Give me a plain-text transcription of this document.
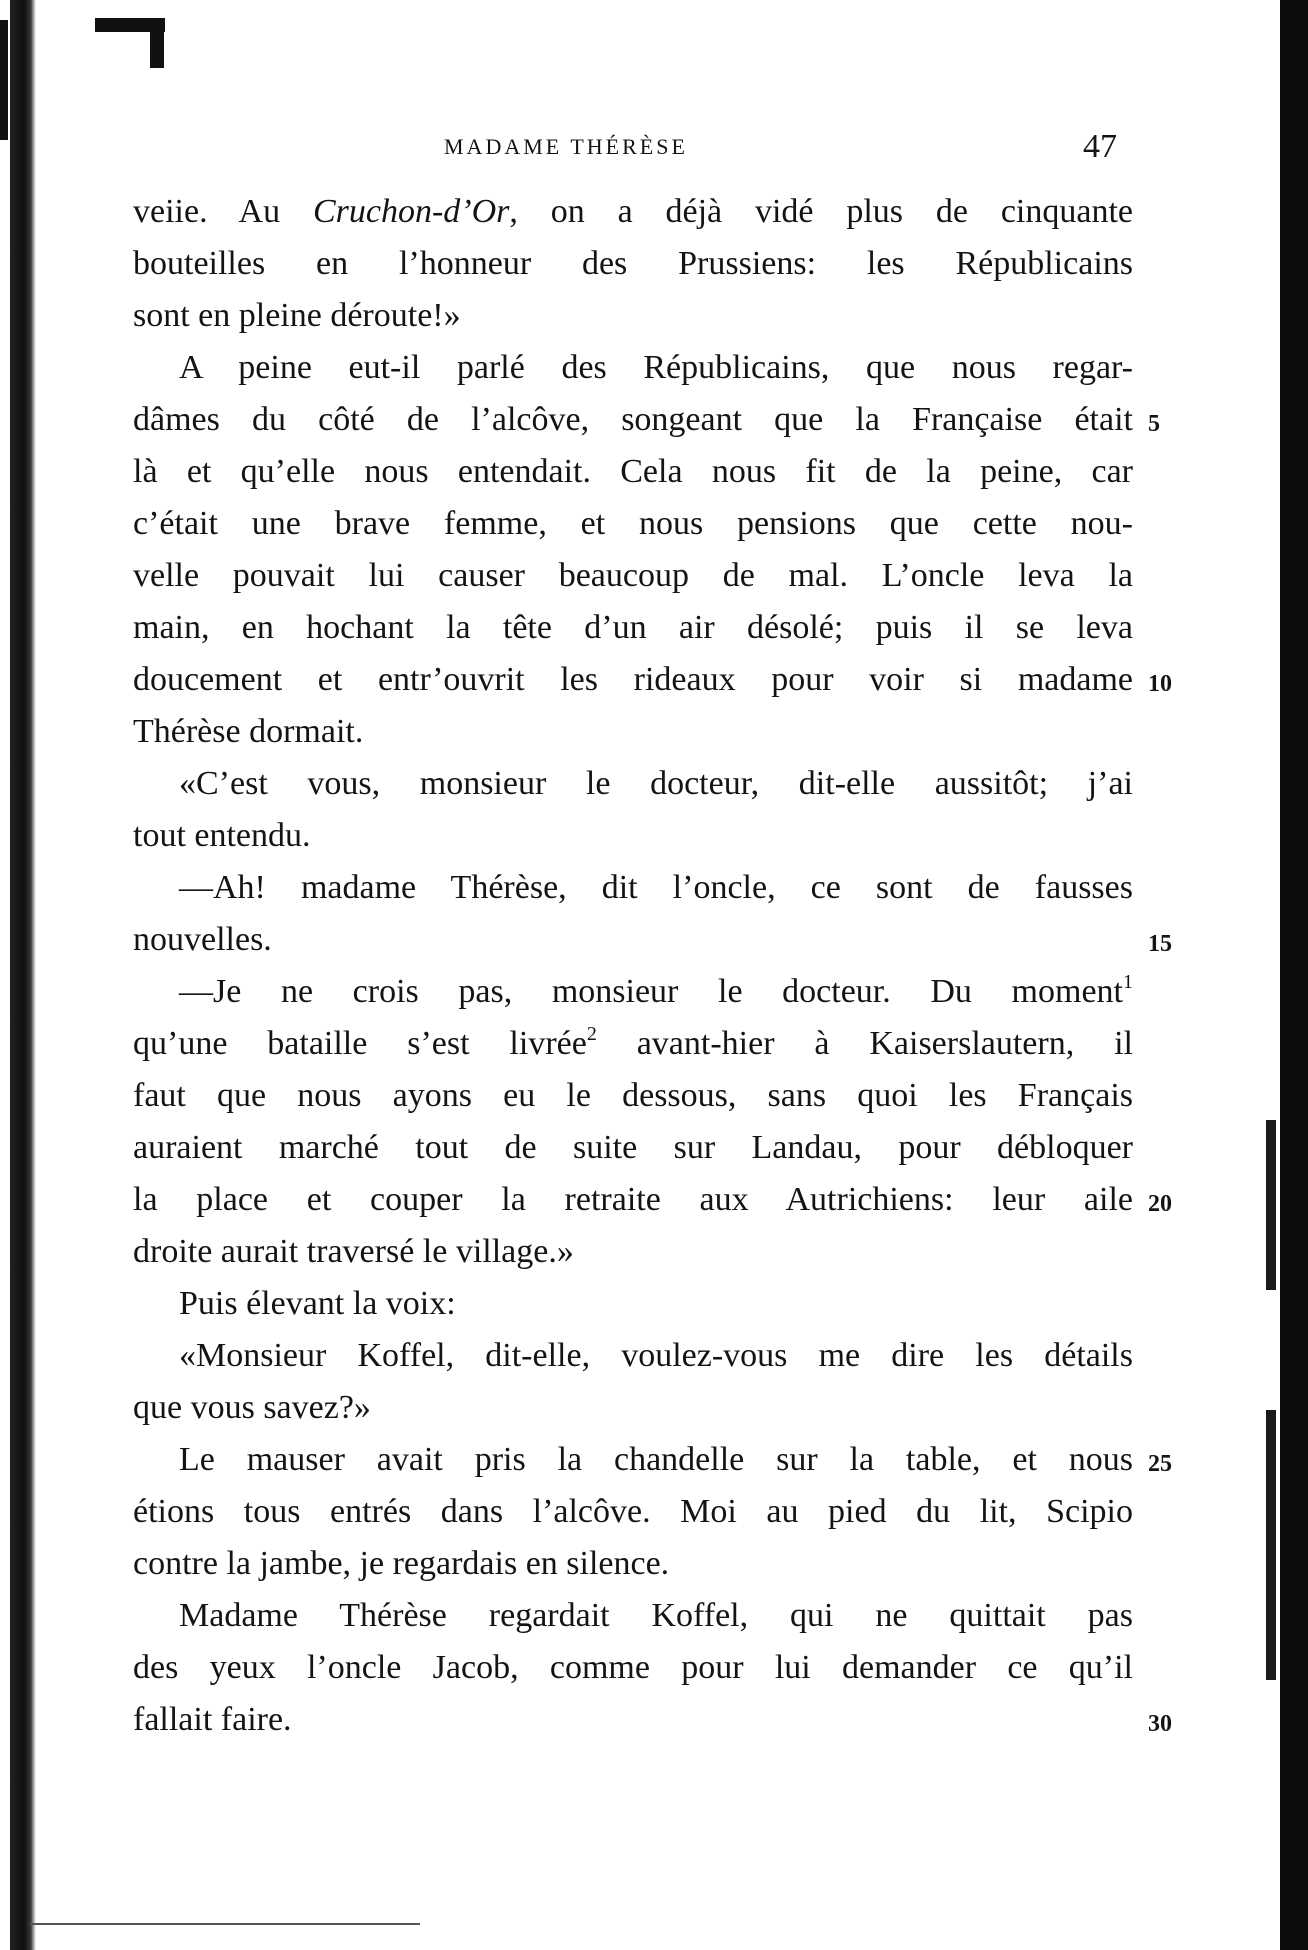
MADAME THÉRÈSE	47
veiie. Au Cruchon-d’Or, on a déjà vidé plus de cinquante
bouteilles en l’honneur des Prussiens: les Républicains
sont en pleine déroute!»
A peine eut-il parlé des Républicains, que nous regar-
dâmes du côté de l’alcôve, songeant que la Française était 5
là et qu’elle nous entendait. Cela nous fit de la peine, car
c’était une brave femme, et nous pensions que cette nou-
velle pouvait lui causer beaucoup de mal. L’oncle leva la
main, en hochant la tête d’un air désolé; puis il se leva
doucement et entr’ouvrit les rideaux pour voir si madame 10
Thérèse dormait.
«C’est vous, monsieur le docteur, dit-elle aussitôt; j’ai
tout entendu.
—Ah! madame Thérèse, dit l’oncle, ce sont de fausses
nouvelles.	15
—Je ne crois pas, monsieur le docteur. Du moment$^1$
qu’une bataille s’est livrée$^2$ avant-hier à Kaiserslautern, il
faut que nous ayons eu le dessous, sans quoi les Français
auraient marché tout de suite sur Landau, pour débloquer
la place et couper la retraite aux Autrichiens: leur aile 20
droite aurait traversé le village.»
Puis élevant la voix:
«Monsieur Koffel, dit-elle, voulez-vous me dire les détails
que vous savez?»
Le mauser avait pris la chandelle sur la table, et nous 25
étions tous entrés dans l’alcôve. Moi au pied du lit, Scipio
contre la jambe, je regardais en silence.
Madame Thérèse regardait Koffel, qui ne quittait pas
des yeux l’oncle Jacob, comme pour lui demander ce qu’il
fallait faire.	30
